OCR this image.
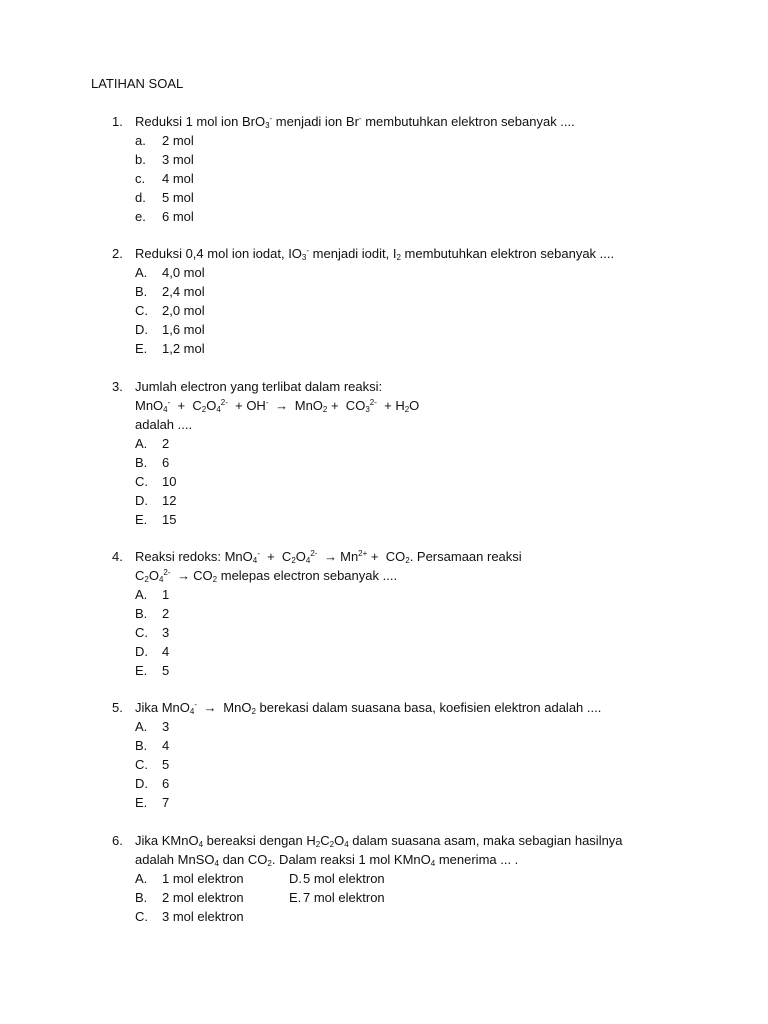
LATIHAN SOAL
1. Reduksi 1 mol ion BrO$_3$- menjadi ion Br- membutuhkan elektron sebanyak ....
a.	2 mol
b.	3 mol
c.	4 mol
d.	5 mol
e.	6 mol
2. Reduksi 0,4 mol ion iodat, $IO_3^-$ menjadi iodit, $I_2$ membutuhkan elektron sebanyak ....
A.	4,0 mol
B.	2,4 mol
C.	2,0 mol
D.	1,6 mol
E.	1,2 mol
3. Jumlah electron yang terlibat dalam reaksi:
$MnO_4^- + C_2O_4^{2-} + OH^- \to MnO_2 + CO_3^{2-} + H_2O$
adalah ....
A.	2
B.	6
C.	10
D.	12
E.	15
4. Reaksi redoks: $MnO_4^- + C_2O_4^{2-} \to Mn^{2+} + CO_2$. Persamaan reaksi
$C_2O_4^{2-} \to CO_2$ melepas electron sebanyak ....
A.	1
B.	2
C.	3
D.	4
E.	5
5. Jika MnO$_4$- → MnO$_2$ berekasi dalam suasana basa, koefisien elektron adalah ....
A.	3
B.	4
C.	5
D.	6
E.	7
6. Jika KMnO$_4$ bereaksi dengan $H_2C_2O_4$ dalam suasana asam, maka sebagian hasilnya
adalah MnSO$_4$ dan $CO_2$. Dalam reaksi 1 mol KMnO$_4$ menerima ... .
A.	1 mol elektron	D. 5 mol elektron
B.	2 mol elektron	E. 7 mol elektron
C.	3 mol elektron
